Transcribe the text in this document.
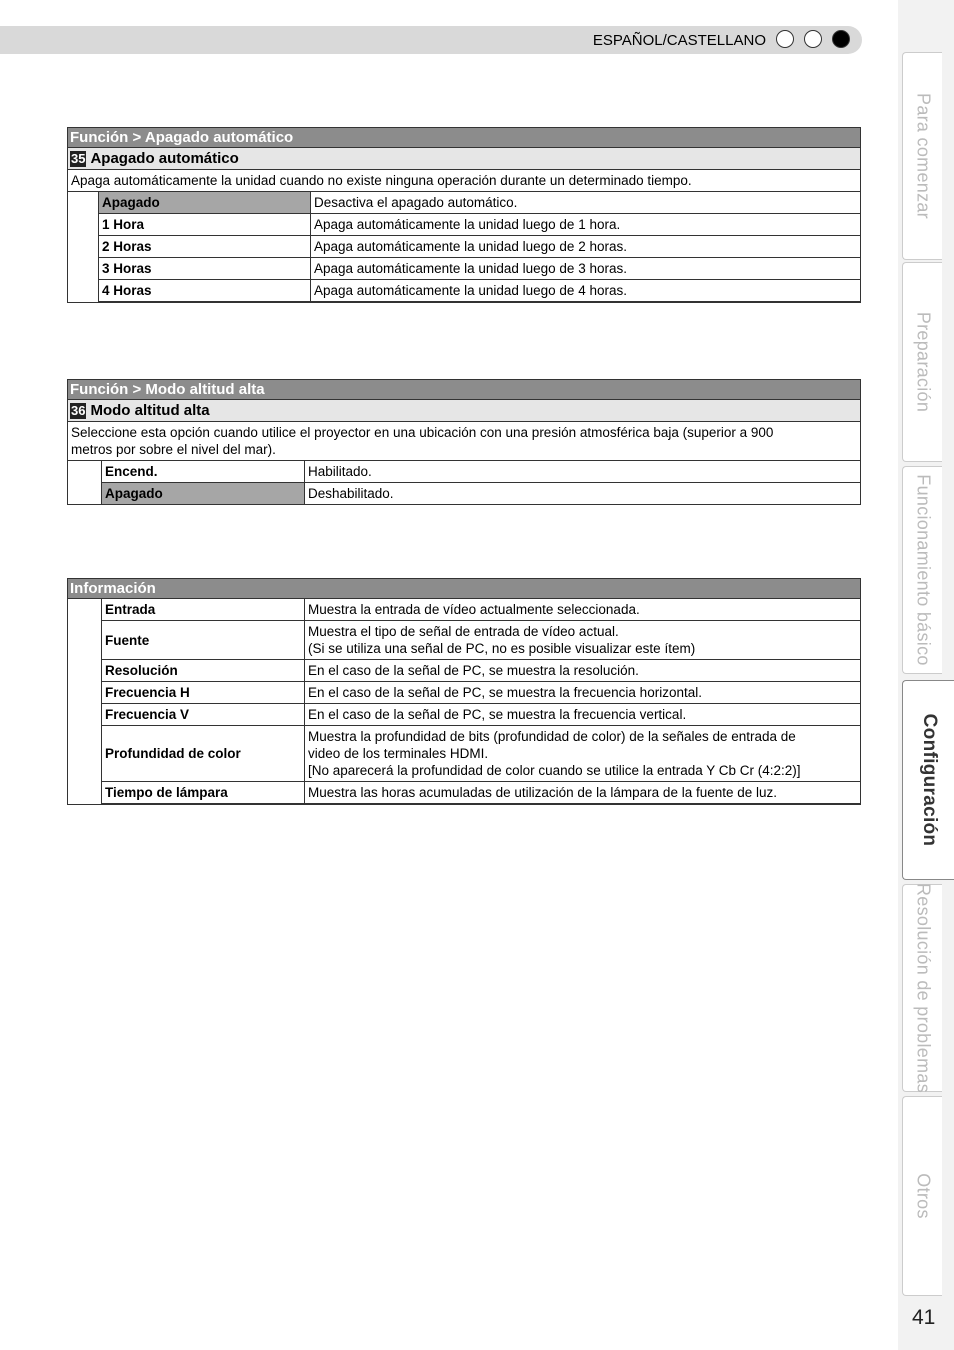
ESPAÑOL/CASTELLANO
Para comenzar
Preparación
Funcionamiento básico
Configuración
Resolución de problemas
Otros
41
Función > Apagado automático		
35 Apagado automático		
Apaga automáticamente la unidad cuando no existe ninguna operación durante un determinado tiempo.		
	Apagado	Desactiva el apagado automático.
	1 Hora	Apaga automáticamente la unidad luego de 1 hora.
	2 Horas	Apaga automáticamente la unidad luego de 2 horas.
	3 Horas	Apaga automáticamente la unidad luego de 3 horas.
	4 Horas	Apaga automáticamente la unidad luego de 4 horas.
Función > Modo altitud alta		
36 Modo altitud alta		
Seleccione esta opción cuando utilice el proyector en una ubicación con una presión atmosférica baja (superior a 900
metros por sobre el nivel del mar).		
	Encend.	Habilitado.
	Apagado	Deshabilitado.
Información		
	Entrada	Muestra la entrada de vídeo actualmente seleccionada.
	Fuente	Muestra el tipo de señal de entrada de vídeo actual.
(Si se utiliza una señal de PC, no es posible visualizar este ítem)
	Resolución	En el caso de la señal de PC, se muestra la resolución.
	Frecuencia H	En el caso de la señal de PC, se muestra la frecuencia horizontal.
	Frecuencia V	En el caso de la señal de PC, se muestra la frecuencia vertical.
	Profundidad de color	Muestra la profundidad de bits (profundidad de color) de la señales de entrada de
video de los terminales HDMI.
[No aparecerá la profundidad de color cuando se utilice la entrada Y Cb Cr (4:2:2)]
	Tiempo de lámpara	Muestra las horas acumuladas de utilización de la lámpara de la fuente de luz.
